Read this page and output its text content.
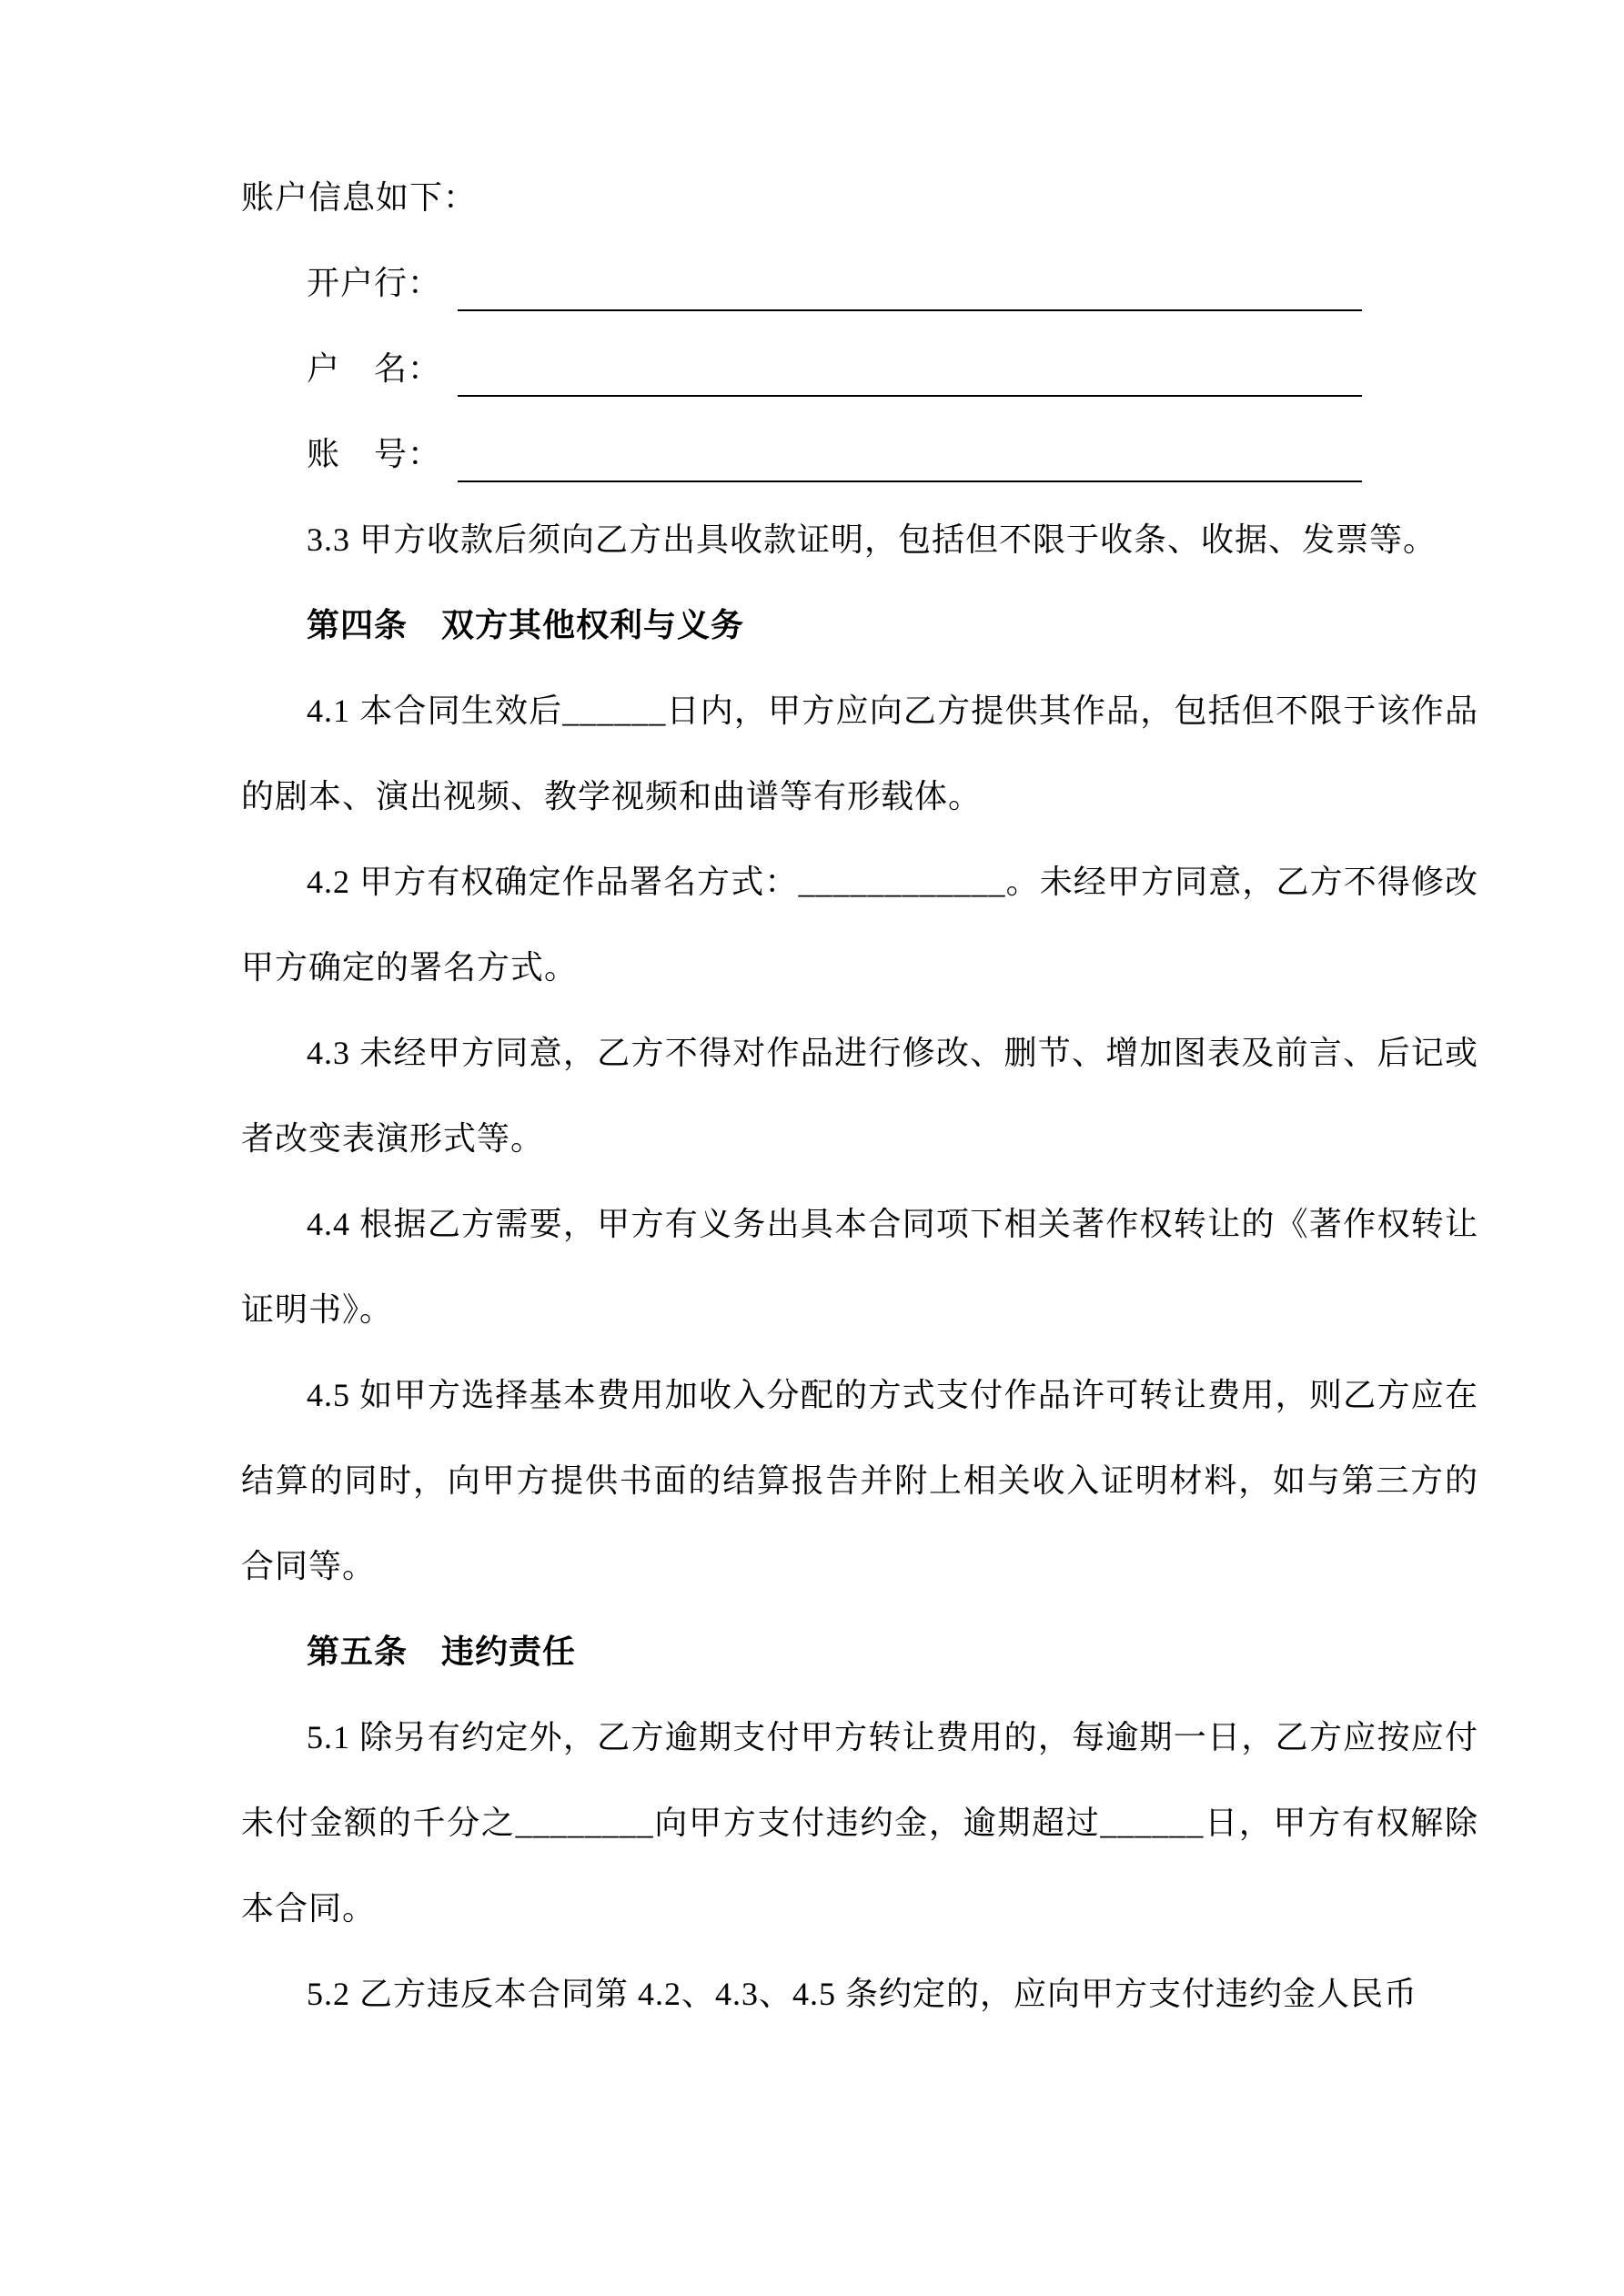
账户信息如下：

开户行：
户　名：
账　号：

3.3 甲方收款后须向乙方出具收款证明，包括但不限于收条、收据、发票等。

第四条　双方其他权利与义务

4.1 本合同生效后______日内，甲方应向乙方提供其作品，包括但不限于该作品的剧本、演出视频、教学视频和曲谱等有形载体。

4.2 甲方有权确定作品署名方式：____________。未经甲方同意，乙方不得修改甲方确定的署名方式。

4.3 未经甲方同意，乙方不得对作品进行修改、删节、增加图表及前言、后记或者改变表演形式等。

4.4 根据乙方需要，甲方有义务出具本合同项下相关著作权转让的《著作权转让证明书》。

4.5 如甲方选择基本费用加收入分配的方式支付作品许可转让费用，则乙方应在结算的同时，向甲方提供书面的结算报告并附上相关收入证明材料，如与第三方的合同等。

第五条　违约责任

5.1 除另有约定外，乙方逾期支付甲方转让费用的，每逾期一日，乙方应按应付未付金额的千分之________向甲方支付违约金，逾期超过______日，甲方有权解除本合同。

5.2 乙方违反本合同第 4.2、4.3、4.5 条约定的，应向甲方支付违约金人民币
